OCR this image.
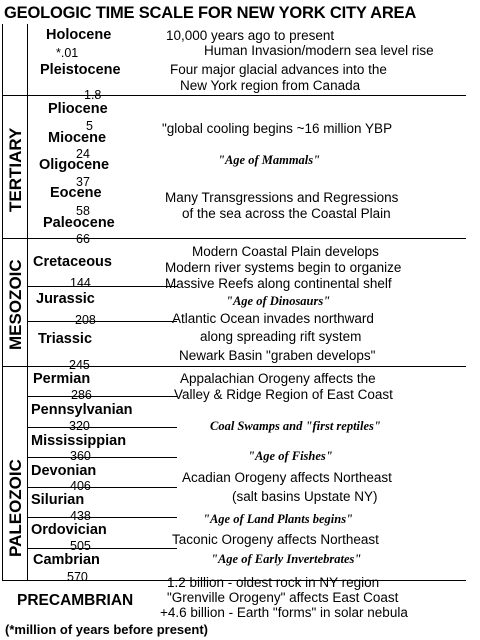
GEOLOGIC TIME SCALE FOR NEW YORK CITY AREA
TERTIARY
MESOZOIC
PALEOZOIC
Holocene
Pleistocene
Pliocene
Miocene
Oligocene
Eocene
Paleocene
Cretaceous
Jurassic
Triassic
Permian
Pennsylvanian
Mississippian
Devonian
Silurian
Ordovician
Cambrian
*.01
1.8
5
24
37
58
66
144
208
245
286
320
360
406
438
505
570
10,000 years ago to present
Human Invasion/modern sea level rise
Four major glacial advances into the
New York region from Canada
"global cooling begins ~16 million YBP
"Age of Mammals"
Many Transgressions and Regressions
of the sea across the Coastal Plain
Modern Coastal Plain develops
Modern river systems begin to organize
Massive Reefs along continental shelf
"Age of Dinosaurs"
Atlantic Ocean invades northward
along spreading rift system
Newark Basin "graben develops"
Appalachian Orogeny affects the
Valley & Ridge Region of East Coast
Coal Swamps and "first reptiles"
"Age of Fishes"
Acadian Orogeny affects Northeast
(salt basins Upstate NY)
"Age of Land Plants begins"
Taconic Orogeny affects Northeast
"Age of Early Invertebrates"
PRECAMBRIAN
1.2 billion - oldest rock in NY region
"Grenville Orogeny" affects East Coast
+4.6 billion - Earth "forms" in solar nebula
(*million of years before present)
